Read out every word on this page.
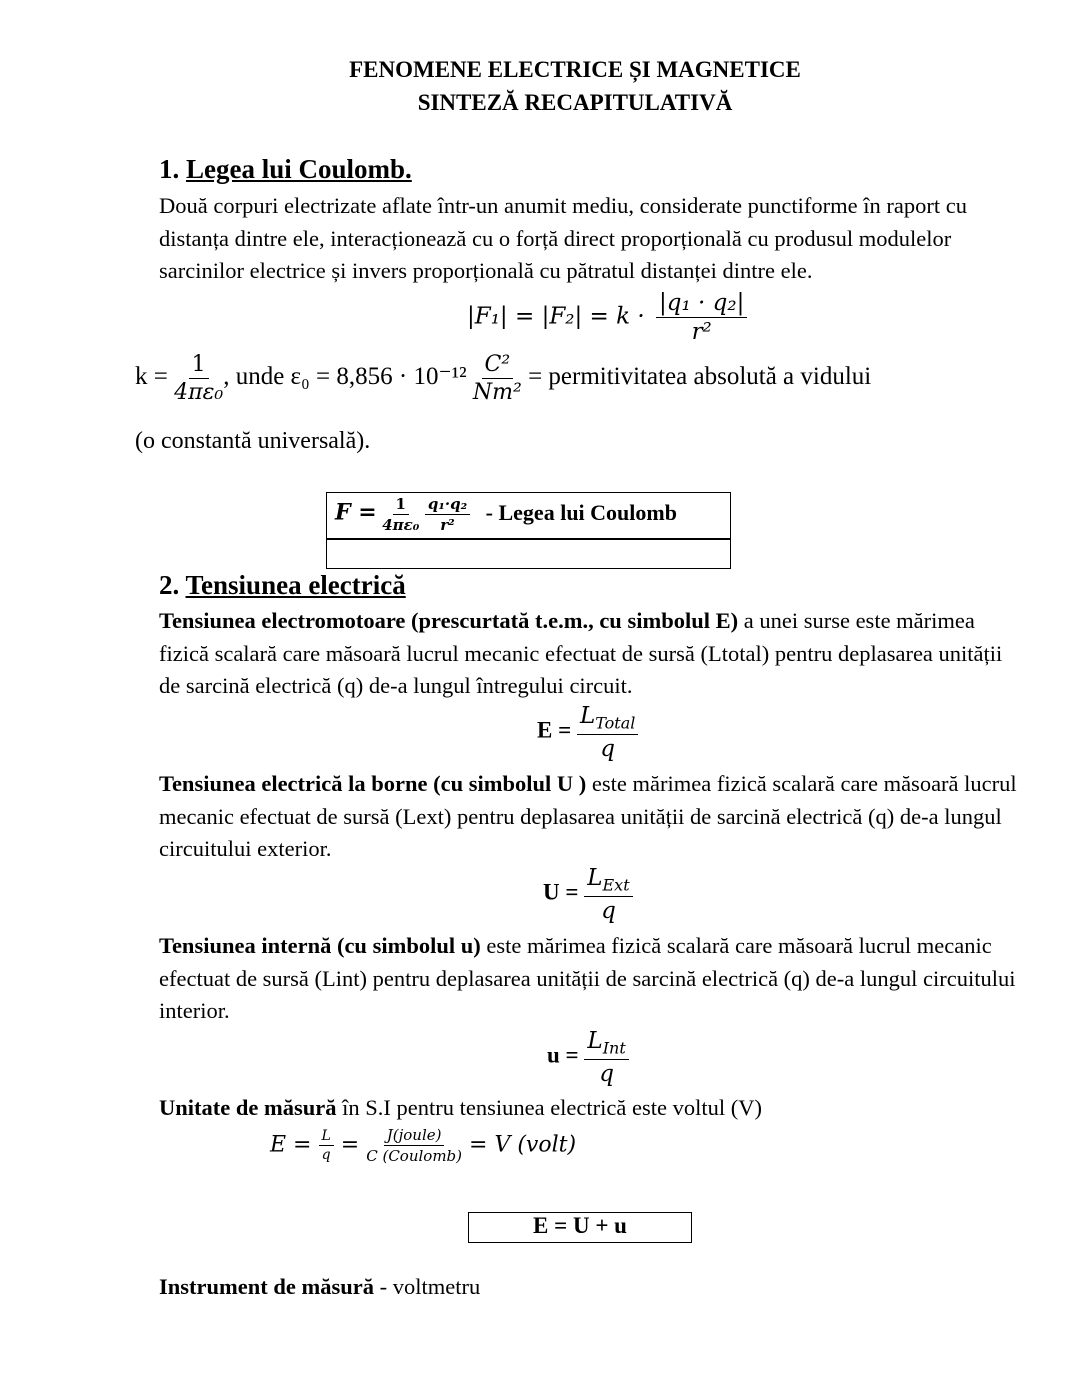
FENOMENE ELECTRICE ȘI MAGNETICE
SINTEZĂ RECAPITULATIVĂ
1. Legea lui Coulomb.
Două corpuri electrizate aflate într-un anumit mediu, considerate punctiforme în raport cu distanța dintre ele, interacționează cu o forță direct proporțională cu produsul modulelor sarcinilor electrice și invers proporțională cu pătratul distanței dintre ele.
$|F_1| = |F_2| = k \cdot \frac{\text{|q₁ · q₂|}}{\text{r²}}$
$k = \frac{1}{\text{4πε₀}}$ , unde $\varepsilon_0 = 8,856 \cdot 10^{-12} \frac{\text{C²}}{\text{Nm²}}$ = permitivitatea absolută a vidului
(o constantă universală).
$F = \frac{1}{\text{4πε₀}}$
$\frac{\text{q₁·q₂}}{\text{r²}}$ - Legea lui Coulomb
2. Tensiunea electrică
Tensiunea electromotoare (prescurtată t.e.m., cu simbolul E) a unei surse este mărimea fizică scalară care măsoară lucrul mecanic efectuat de sursă (Ltotal) pentru deplasarea unității de sarcină electrică (q) de-a lungul întregului circuit.
$E = \frac{L_{Total}}{q}$
Tensiunea electrică la borne (cu simbolul U ) este mărimea fizică scalară care măsoară lucrul mecanic efectuat de sursă (Lext) pentru deplasarea unității de sarcină electrică (q) de-a lungul circuitului exterior.
$U = \frac{L_{Ext}}{q}$
Tensiunea internă (cu simbolul u) este mărimea fizică scalară care măsoară lucrul mecanic efectuat de sursă (Lint) pentru deplasarea unității de sarcină electrică (q) de-a lungul circuitului interior.
$u = \frac{L_{Int}}{q}$
Unitate de măsură în S.I pentru tensiunea electrică este voltul (V)
$E = \frac{L}{q} = \frac{\text{J(joule)}}{\text{C (Coulomb)}} = V$ (volt)
E = U + u
Instrument de măsură - voltmetru
